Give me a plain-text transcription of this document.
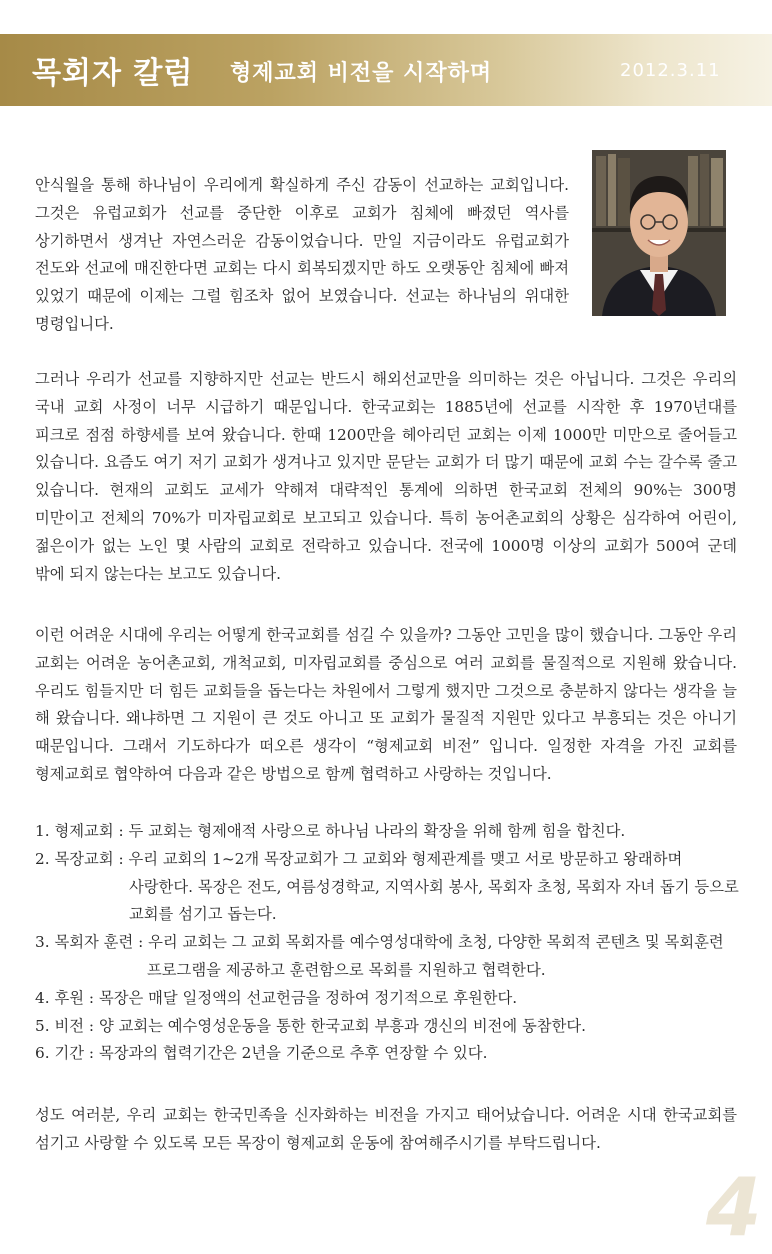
목회자 칼럼 형제교회 비전을 시작하며	2012.3.11

안식월을 통해 하나님이 우리에게 확실하게 주신 감동이 선교하는 교회입니다. 그것은 유럽교회가 선교를 중단한 이후로 교회가 침체에 빠졌던 역사를 상기하면서 생겨난 자연스러운 감동이었습니다. 만일 지금이라도 유럽교회가 전도와 선교에 매진한다면 교회는 다시 회복되겠지만 하도 오랫동안 침체에 빠져 있었기 때문에 이제는 그럴 힘조차 없어 보였습니다. 선교는 하나님의 위대한 명령입니다.

그러나 우리가 선교를 지향하지만 선교는 반드시 해외선교만을 의미하는 것은 아닙니다. 그것은 우리의 국내 교회 사정이 너무 시급하기 때문입니다. 한국교회는 1885년에 선교를 시작한 후 1970년대를 피크로 점점 하향세를 보여 왔습니다. 한때 1200만을 헤아리던 교회는 이제 1000만 미만으로 줄어들고 있습니다. 요즘도 여기 저기 교회가 생겨나고 있지만 문닫는 교회가 더 많기 때문에 교회 수는 갈수록 줄고 있습니다. 현재의 교회도 교세가 약해져 대략적인 통계에 의하면 한국교회 전체의 90%는 300명 미만이고 전체의 70%가 미자립교회로 보고되고 있습니다. 특히 농어촌교회의 상황은 심각하여 어린이, 젊은이가 없는 노인 몇 사람의 교회로 전락하고 있습니다. 전국에 1000명 이상의 교회가 500여 군데 밖에 되지 않는다는 보고도 있습니다.

이런 어려운 시대에 우리는 어떻게 한국교회를 섬길 수 있을까? 그동안 고민을 많이 했습니다. 그동안 우리 교회는 어려운 농어촌교회, 개척교회, 미자립교회를 중심으로 여러 교회를 물질적으로 지원해 왔습니다. 우리도 힘들지만 더 힘든 교회들을 돕는다는 차원에서 그렇게 했지만 그것으로 충분하지 않다는 생각을 늘 해 왔습니다. 왜냐하면 그 지원이 큰 것도 아니고 또 교회가 물질적 지원만 있다고 부흥되는 것은 아니기 때문입니다. 그래서 기도하다가 떠오른 생각이 “형제교회 비전” 입니다. 일정한 자격을 가진 교회를 형제교회로 협약하여 다음과 같은 방법으로 함께 협력하고 사랑하는 것입니다.

1. 형제교회 : 두 교회는 형제애적 사랑으로 하나님 나라의 확장을 위해 함께 힘을 합친다.
2. 목장교회 : 우리 교회의 1~2개 목장교회가 그 교회와 형제관계를 맺고 서로 방문하고 왕래하며 사랑한다. 목장은 전도, 여름성경학교, 지역사회 봉사, 목회자 초청, 목회자 자녀 돕기 등으로 교회를 섬기고 돕는다.
3. 목회자 훈련 : 우리 교회는 그 교회 목회자를 예수영성대학에 초청, 다양한 목회적 콘텐츠 및 목회훈련 프로그램을 제공하고 훈련함으로 목회를 지원하고 협력한다.
4. 후원 : 목장은 매달 일정액의 선교헌금을 정하여 정기적으로 후원한다.
5. 비전 : 양 교회는 예수영성운동을 통한 한국교회 부흥과 갱신의 비전에 동참한다.
6. 기간 : 목장과의 협력기간은 2년을 기준으로 추후 연장할 수 있다.

성도 여러분, 우리 교회는 한국민족을 신자화하는 비전을 가지고 태어났습니다. 어려운 시대 한국교회를 섬기고 사랑할 수 있도록 모든 목장이 형제교회 운동에 참여해주시기를 부탁드립니다.

4
